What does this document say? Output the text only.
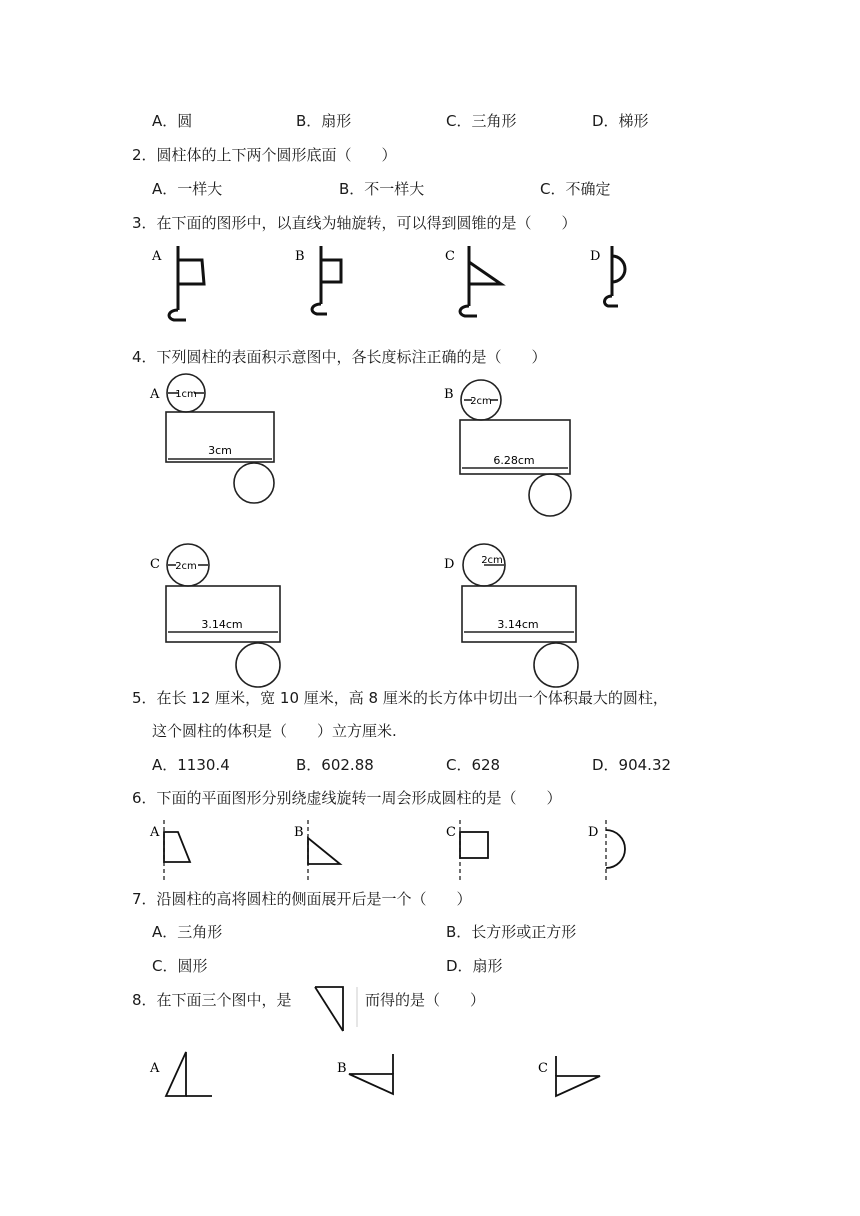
A．圆	B．扇形	C．三角形	D．梯形
2．圆柱体的上下两个圆形底面（　　）
A．一样大	B．不一样大	C．不确定
3．在下面的图形中，以直线为轴旋转，可以得到圆锥的是（　　）
A	B	C	D
4．下列圆柱的表面积示意图中，各长度标注正确的是（　　）
A 1cm
3cm
B 2cm
6.28cm
C 2cm
3.14cm
D	2cm
3.14cm
5．在长 12 厘米，宽 10 厘米，高 8 厘米的长方体中切出一个体积最大的圆柱，
这个圆柱的体积是（　　）立方厘米.
A．1130.4	B．602.88	C．628	D．904.32
6．下面的平面图形分别绕虚线旋转一周会形成圆柱的是（　　）
A	B	C	D
7．沿圆柱的高将圆柱的侧面展开后是一个（　　）
A．三角形	B．长方形或正方形
C．圆形	D．扇形
8．在下面三个图中，是	而得的是（　　）
A	B	C
